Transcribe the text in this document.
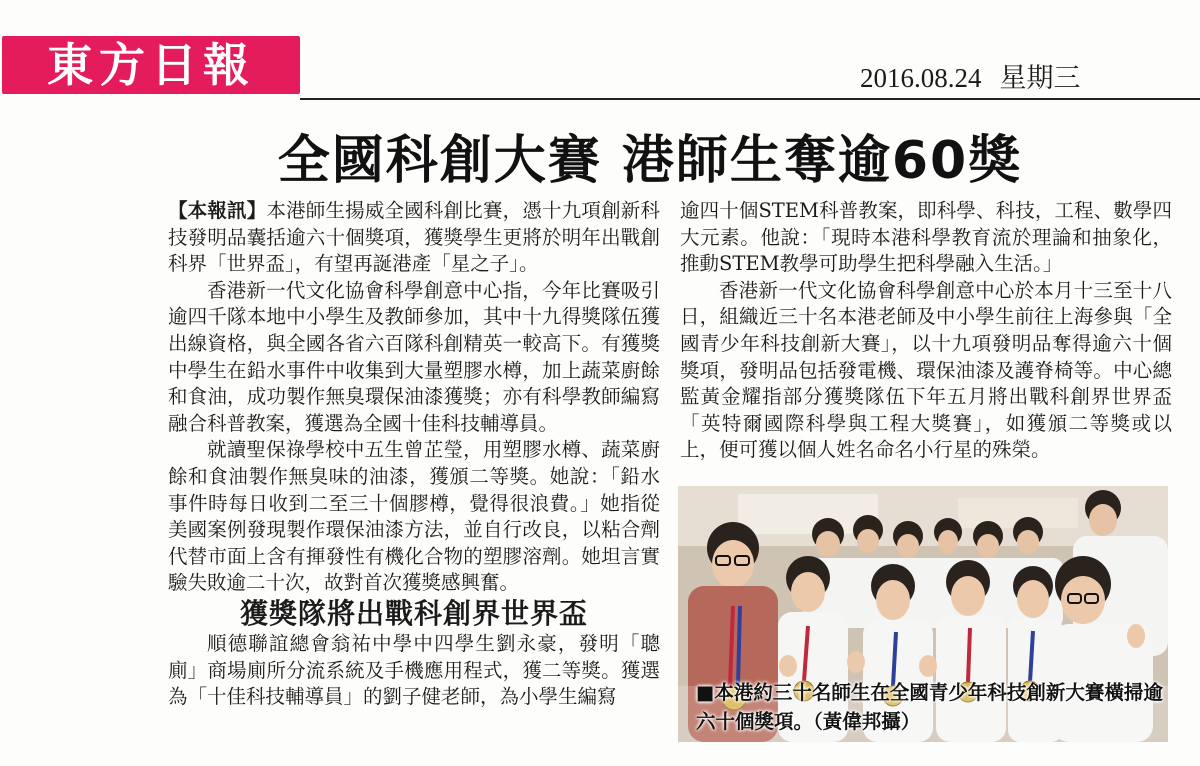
東方日報	2016.08.24 星期三
全國科創大賽 港師生奪逾60獎

【本報訊】本港師生揚威全國科創比賽，憑十九項創新科技發明品囊括逾六十個獎項，獲獎學生更將於明年出戰創科界「世界盃」，有望再誕港產「星之子」。

香港新一代文化協會科學創意中心指，今年比賽吸引逾四千隊本地中小學生及教師參加，其中十九得獎隊伍獲出線資格，與全國各省六百隊科創精英一較高下。有獲獎中學生在鉛水事件中收集到大量塑膠水樽，加上蔬菜廚餘和食油，成功製作無臭環保油漆獲獎；亦有科學教師編寫融合科普教案，獲選為全國十佳科技輔導員。

就讀聖保祿學校中五生曾芷瑩，用塑膠水樽、蔬菜廚餘和食油製作無臭味的油漆，獲頒二等獎。她說：「鉛水事件時每日收到二至三十個膠樽，覺得很浪費。」她指從美國案例發現製作環保油漆方法，並自行改良，以粘合劑代替市面上含有揮發性有機化合物的塑膠溶劑。她坦言實驗失敗逾二十次，故對首次獲獎感興奮。

獲獎隊將出戰科創界世界盃

順德聯誼總會翁祐中學中四學生劉永豪，發明「聰廁」商場廁所分流系統及手機應用程式，獲二等獎。獲選為「十佳科技輔導員」的劉子健老師，為小學生編寫

逾四十個STEM科普教案，即科學、科技，工程、數學四大元素。他說：「現時本港科學教育流於理論和抽象化，推動STEM教學可助學生把科學融入生活。」

香港新一代文化協會科學創意中心於本月十三至十八日，組織近三十名本港老師及中小學生前往上海參與「全國青少年科技創新大賽」，以十九項發明品奪得逾六十個獎項，發明品包括發電機、環保油漆及護脊椅等。中心總監黃金耀指部分獲獎隊伍下年五月將出戰科創界世界盃「英特爾國際科學與工程大獎賽」，如獲頒二等獎或以上，便可獲以個人姓名命名小行星的殊榮。

■本港約三十名師生在全國青少年科技創新大賽橫掃逾六十個獎項。（黃偉邦攝）
